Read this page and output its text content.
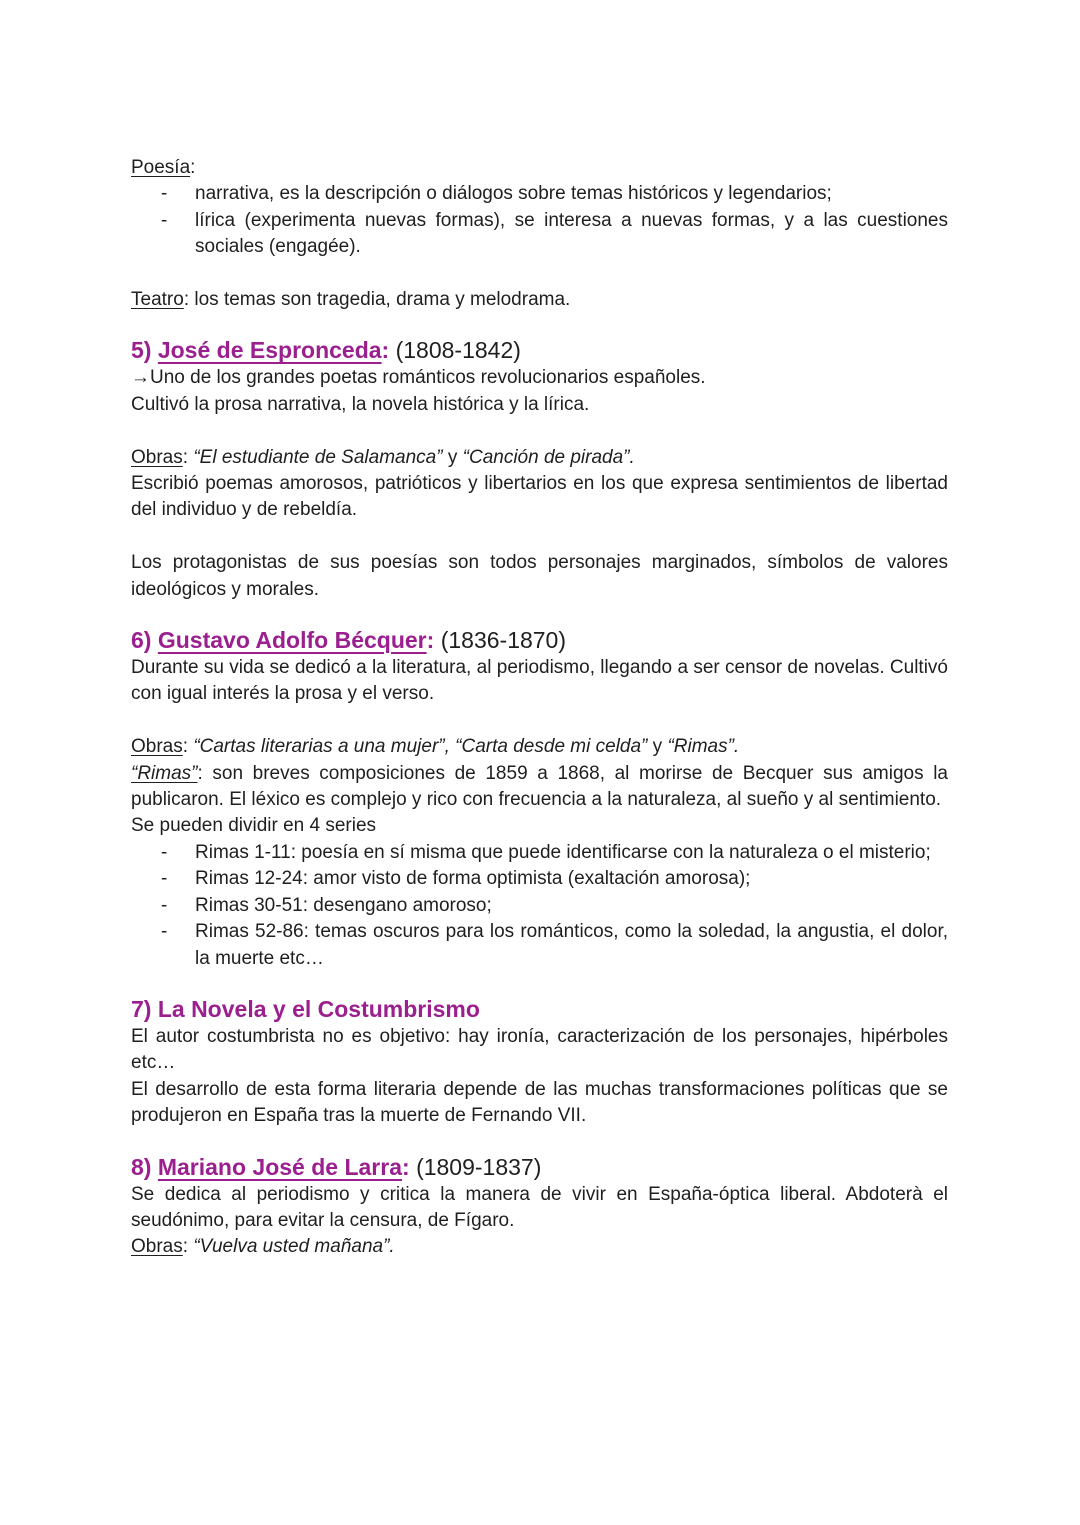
Poesía:

- narrativa, es la descripción o diálogos sobre temas históricos y legendarios;
- lírica (experimenta nuevas formas), se interesa a nuevas formas, y a las cuestiones sociales (engagée).

Teatro: los temas son tragedia, drama y melodrama.

5) José de Espronceda: (1808-1842)

→Uno de los grandes poetas románticos revolucionarios españoles.

Cultivó la prosa narrativa, la novela histórica y la lírica.

Obras: “El estudiante de Salamanca” y “Canción de pirada”.

Escribió poemas amorosos, patrióticos y libertarios en los que expresa sentimientos de libertad del individuo y de rebeldía.

Los protagonistas de sus poesías son todos personajes marginados, símbolos de valores ideológicos y morales.

6) Gustavo Adolfo Bécquer: (1836-1870)

Durante su vida se dedicó a la literatura, al periodismo, llegando a ser censor de novelas. Cultivó con igual interés la prosa y el verso.

Obras: “Cartas literarias a una mujer”, “Carta desde mi celda” y “Rimas”.

“Rimas”: son breves composiciones de 1859 a 1868, al morirse de Becquer sus amigos la publicaron. El léxico es complejo y rico con frecuencia a la naturaleza, al sueño y al sentimiento.

Se pueden dividir en 4 series

- Rimas 1-11: poesía en sí misma que puede identificarse con la naturaleza o el misterio;
- Rimas 12-24: amor visto de forma optimista (exaltación amorosa);
- Rimas 30-51: desengano amoroso;
- Rimas 52-86: temas oscuros para los románticos, como la soledad, la angustia, el dolor, la muerte etc…

7) La Novela y el Costumbrismo

El autor costumbrista no es objetivo: hay ironía, caracterización de los personajes, hipérboles etc…

El desarrollo de esta forma literaria depende de las muchas transformaciones políticas que se produjeron en España tras la muerte de Fernando VII.

8) Mariano José de Larra: (1809-1837)

Se dedica al periodismo y critica la manera de vivir en España-óptica liberal. Abdoterà el seudónimo, para evitar la censura, de Fígaro.

Obras: “Vuelva usted mañana”.
